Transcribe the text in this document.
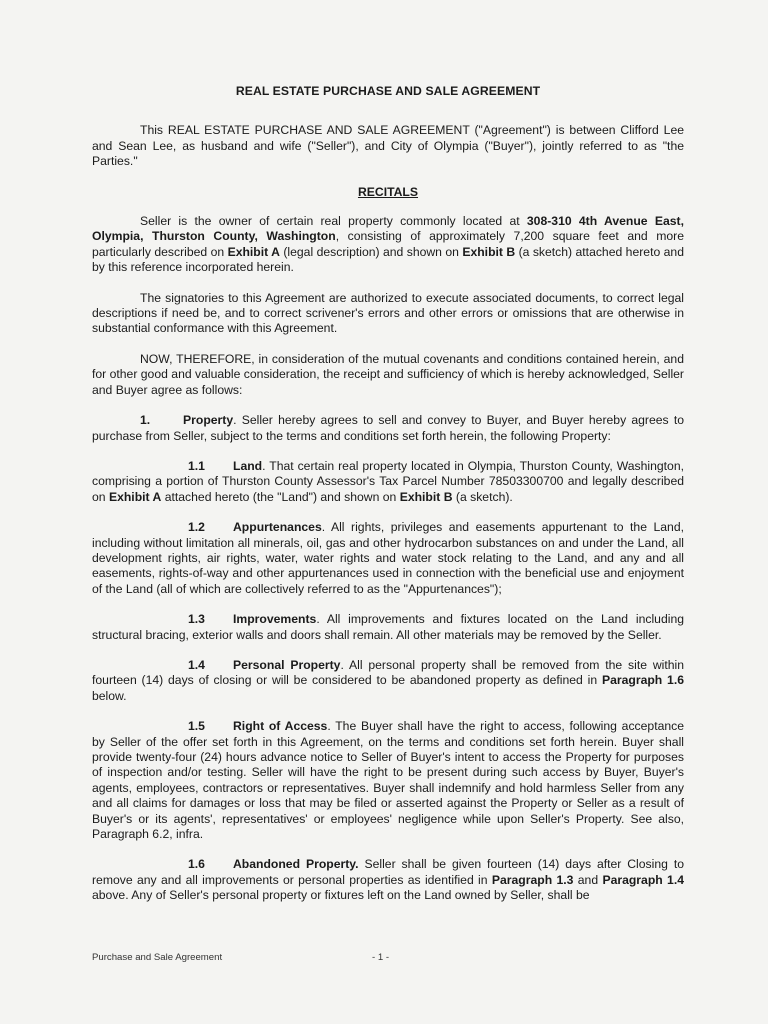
REAL ESTATE PURCHASE AND SALE AGREEMENT

This REAL ESTATE PURCHASE AND SALE AGREEMENT ("Agreement") is between Clifford Lee and Sean Lee, as husband and wife ("Seller"), and City of Olympia ("Buyer"), jointly referred to as "the Parties."

RECITALS

Seller is the owner of certain real property commonly located at 308-310 4th Avenue East, Olympia, Thurston County, Washington, consisting of approximately 7,200 square feet and more particularly described on Exhibit A (legal description) and shown on Exhibit B (a sketch) attached hereto and by this reference incorporated herein.

The signatories to this Agreement are authorized to execute associated documents, to correct legal descriptions if need be, and to correct scrivener's errors and other errors or omissions that are otherwise in substantial conformance with this Agreement.

NOW, THEREFORE, in consideration of the mutual covenants and conditions contained herein, and for other good and valuable consideration, the receipt and sufficiency of which is hereby acknowledged, Seller and Buyer agree as follows:

1.	Property. Seller hereby agrees to sell and convey to Buyer, and Buyer hereby agrees to purchase from Seller, subject to the terms and conditions set forth herein, the following Property:

1.1 Land. That certain real property located in Olympia, Thurston County, Washington, comprising a portion of Thurston County Assessor's Tax Parcel Number 78503300700 and legally described on Exhibit A attached hereto (the "Land") and shown on Exhibit B (a sketch).

1.2 Appurtenances. All rights, privileges and easements appurtenant to the Land, including without limitation all minerals, oil, gas and other hydrocarbon substances on and under the Land, all development rights, air rights, water, water rights and water stock relating to the Land, and any and all easements, rights-of-way and other appurtenances used in connection with the beneficial use and enjoyment of the Land (all of which are collectively referred to as the "Appurtenances");

1.3 Improvements. All improvements and fixtures located on the Land including structural bracing, exterior walls and doors shall remain. All other materials may be removed by the Seller.

1.4 Personal Property. All personal property shall be removed from the site within fourteen (14) days of closing or will be considered to be abandoned property as defined in Paragraph 1.6 below.

1.5 Right of Access. The Buyer shall have the right to access, following acceptance by Seller of the offer set forth in this Agreement, on the terms and conditions set forth herein. Buyer shall provide twenty-four (24) hours advance notice to Seller of Buyer's intent to access the Property for purposes of inspection and/or testing. Seller will have the right to be present during such access by Buyer, Buyer's agents, employees, contractors or representatives. Buyer shall indemnify and hold harmless Seller from any and all claims for damages or loss that may be filed or asserted against the Property or Seller as a result of Buyer's or its agents', representatives' or employees' negligence while upon Seller's Property. See also, Paragraph 6.2, infra.

1.6 Abandoned Property. Seller shall be given fourteen (14) days after Closing to remove any and all improvements or personal properties as identified in Paragraph 1.3 and Paragraph 1.4 above. Any of Seller's personal property or fixtures left on the Land owned by Seller, shall be

Purchase and Sale Agreement	- 1 -
